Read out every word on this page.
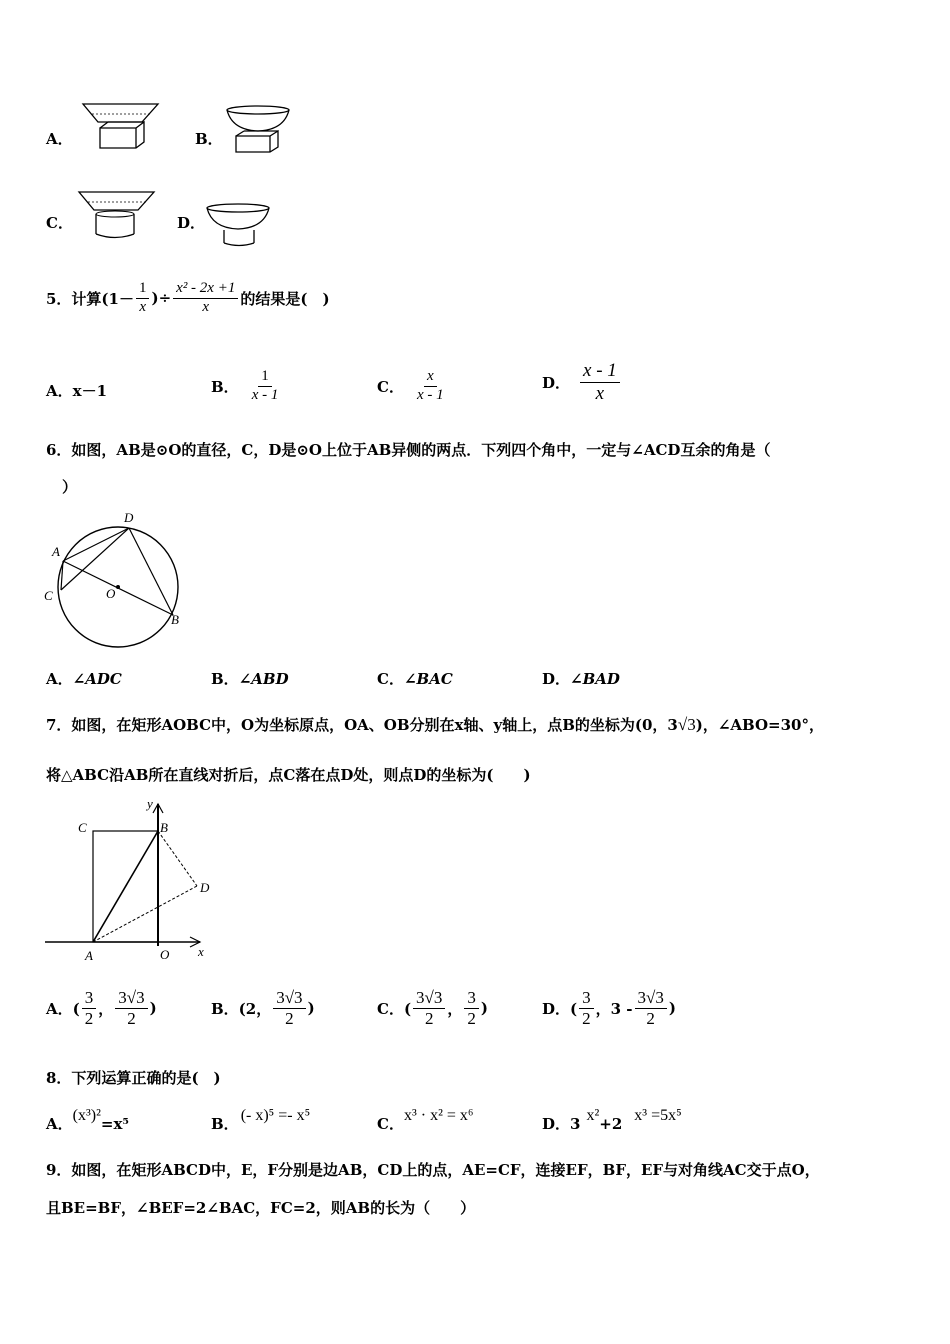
A．	B．
C．	D．
5．计算($1- \frac{1}{x}$ )÷ $\frac{\text{x² - 2x +1}}{x}$ 的结果是(　)
A．x－1	B． $\frac{1}{x - 1}$	C． $\frac{x}{x - 1}$	D． $\frac{x - 1}{x}$
6．如图，AB是⊙O的直径，C，D是⊙O上位于AB异侧的两点．下列四个角中，一定与∠ACD互余的角是（
）
A
D
C	O
B
A．∠ADC	B．∠ABD	C．∠BAC	D．∠BAD
7．如图，在矩形AOBC中，O为坐标原点，OA、OB分别在x轴、y轴上，点B的坐标为(0，3√3)，∠ABO=30°，
将△ABC沿AB所在直线对折后，点C落在点D处，则点D的坐标为(　　)
C	B
y
D
A	O x
A．( $\frac{3}{2}$ ， $\frac{3√3}{2}$ )	B．(2， $\frac{3√3}{2}$ )	C．( $\frac{3√3}{2}$ ， $\frac{3}{2}$ )	D．( $\frac{3}{2}$ ，$3 - \frac{3√3}{2}$ )
8．下列运算正确的是(　)
A．(x³)²=x⁵	B． (- x)⁵ =- x⁵	C．x³ · x² = x⁶	D．3 x²+2 x³ =5x⁵
9．如图，在矩形ABCD中，E，F分别是边AB，CD上的点，AE=CF，连接EF，BF，EF与对角线AC交于点O，
且BE=BF，∠BEF=2∠BAC，FC=2，则AB的长为（　　）
